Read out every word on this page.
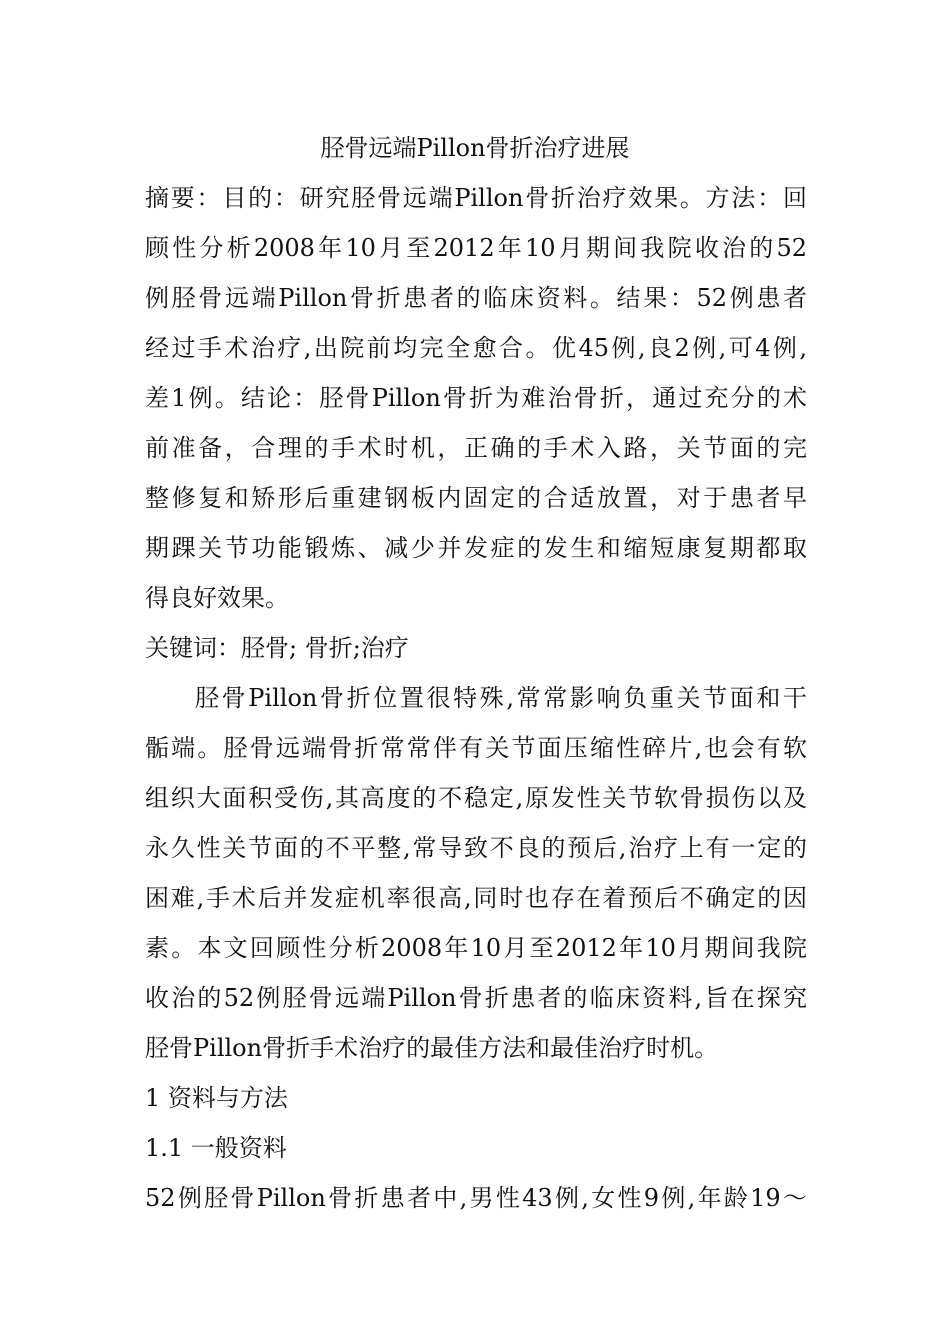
胫骨远端Pillon骨折治疗进展
摘要：目的：研究胫骨远端Pillon骨折治疗效果。方法：回
顾性分析2008年10月至2012年10月期间我院收治的52
例胫骨远端Pillon骨折患者的临床资料。结果：52例患者
经过手术治疗,出院前均完全愈合。优45例,良2例,可4例,
差1例。结论：胫骨Pillon骨折为难治骨折，通过充分的术
前准备，合理的手术时机，正确的手术入路，关节面的完
整修复和矫形后重建钢板内固定的合适放置，对于患者早
期踝关节功能锻炼、减少并发症的发生和缩短康复期都取
得良好效果。
关键词：胫骨; 骨折;治疗
胫骨Pillon骨折位置很特殊,常常影响负重关节面和干
骺端。胫骨远端骨折常常伴有关节面压缩性碎片,也会有软
组织大面积受伤,其高度的不稳定,原发性关节软骨损伤以及
永久性关节面的不平整,常导致不良的预后,治疗上有一定的
困难,手术后并发症机率很高,同时也存在着预后不确定的因
素。本文回顾性分析2008年10月至2012年10月期间我院
收治的52例胫骨远端Pillon骨折患者的临床资料,旨在探究
胫骨Pillon骨折手术治疗的最佳方法和最佳治疗时机。
1 资料与方法
1.1 一般资料
52例胫骨Pillon骨折患者中,男性43例,女性9例,年龄19～
